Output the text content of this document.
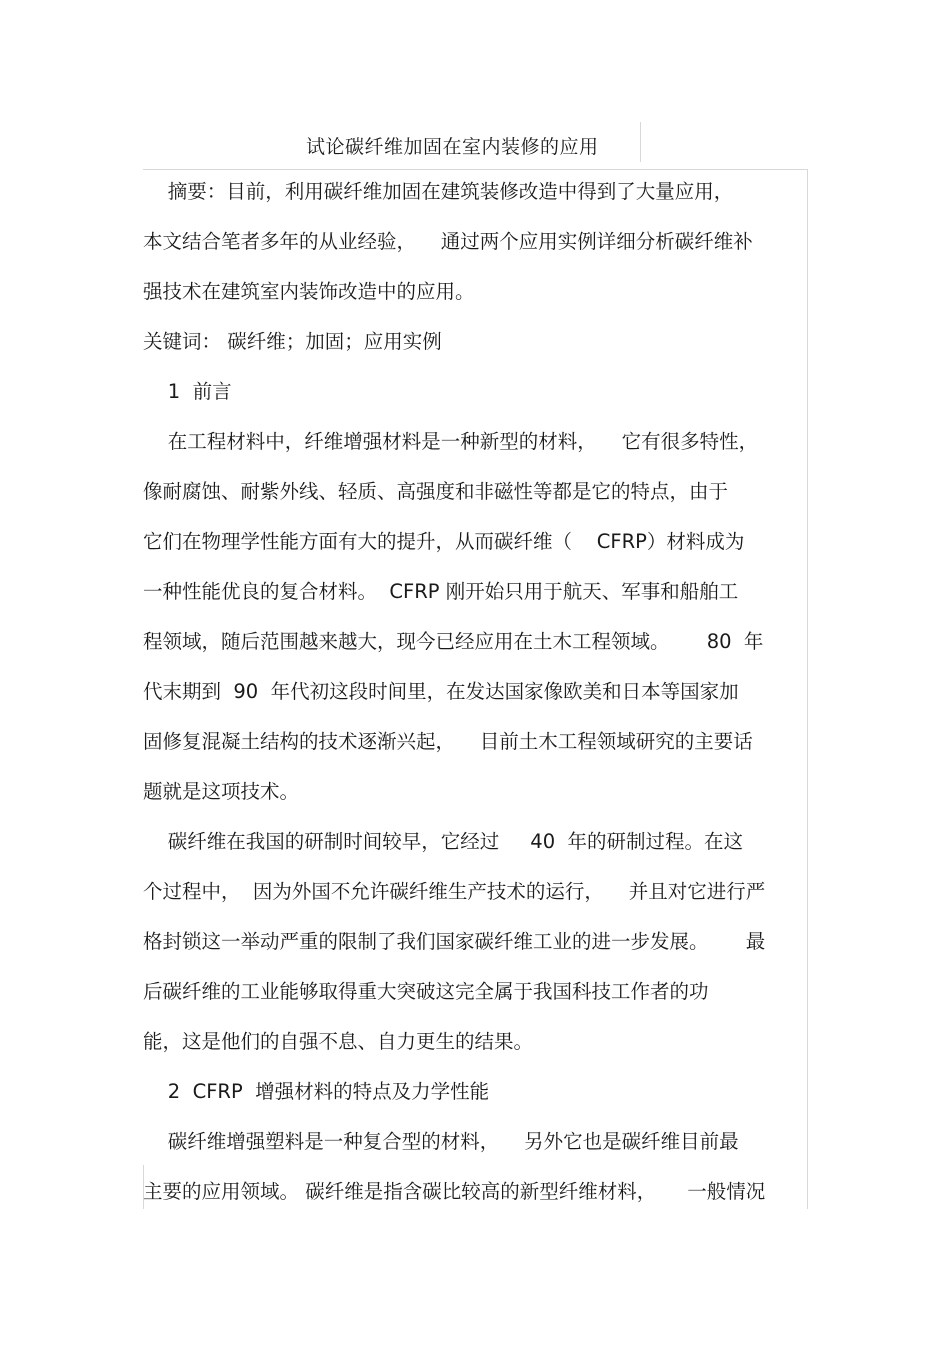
试论碳纤维加固在室内装修的应用
摘要：目前，利用碳纤维加固在建筑装修改造中得到了大量应用，
本文结合笔者多年的从业经验，    通过两个应用实例详细分析碳纤维补
强技术在建筑室内装饰改造中的应用。
关键词： 碳纤维；加固；应用实例
1  前言
在工程材料中，纤维增强材料是一种新型的材料，    它有很多特性，
像耐腐蚀、耐紫外线、轻质、高强度和非磁性等都是它的特点，由于
它们在物理学性能方面有大的提升，从而碳纤维（    CFRP）材料成为
一种性能优良的复合材料。  CFRP 刚开始只用于航天、军事和船舶工
程领域，随后范围越来越大，现今已经应用在土木工程领域。      80  年
代末期到  90  年代初这段时间里，在发达国家像欧美和日本等国家加
固修复混凝土结构的技术逐渐兴起，    目前土木工程领域研究的主要话
题就是这项技术。
碳纤维在我国的研制时间较早，它经过     40  年的研制过程。在这
个过程中，  因为外国不允许碳纤维生产技术的运行，    并且对它进行严
格封锁这一举动严重的限制了我们国家碳纤维工业的进一步发展。      最
后碳纤维的工业能够取得重大突破这完全属于我国科技工作者的功
能，这是他们的自强不息、自力更生的结果。
2  CFRP  增强材料的特点及力学性能
碳纤维增强塑料是一种复合型的材料，    另外它也是碳纤维目前最
主要的应用领域。 碳纤维是指含碳比较高的新型纤维材料，     一般情况
